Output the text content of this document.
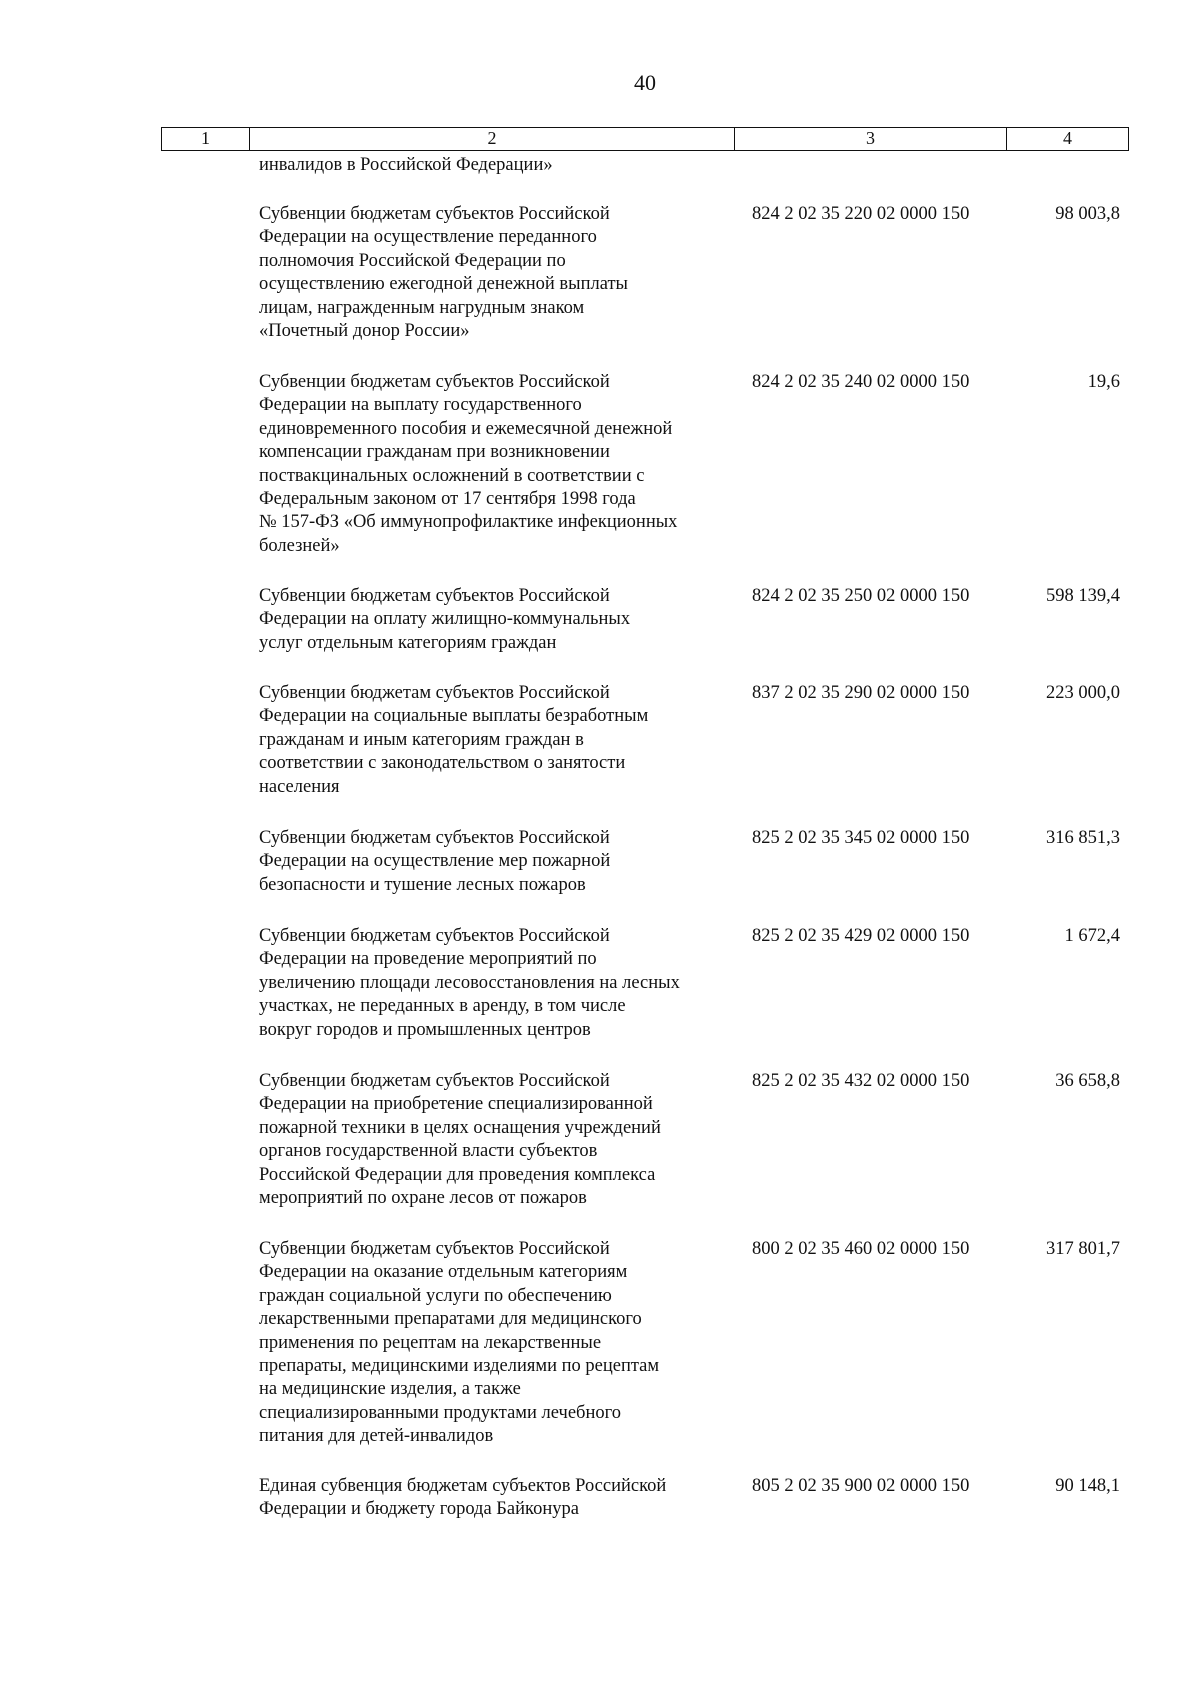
40
1	2	3	4
инвалидов в Российской Федерации»
Субвенции бюджетам субъектов Российской
Федерации на осуществление переданного
полномочия Российской Федерации по
осуществлению ежегодной денежной выплаты
лицам, награжденным нагрудным знаком
«Почетный донор России»
824 2 02 35 220 02 0000 150	98 003,8
Субвенции бюджетам субъектов Российской
Федерации на выплату государственного
единовременного пособия и ежемесячной денежной
компенсации гражданам при возникновении
поствакцинальных осложнений в соответствии с
Федеральным законом от 17 сентября 1998 года
№ 157-ФЗ «Об иммунопрофилактике инфекционных
болезней»
824 2 02 35 240 02 0000 150	19,6
Субвенции бюджетам субъектов Российской
Федерации на оплату жилищно-коммунальных
услуг отдельным категориям граждан
824 2 02 35 250 02 0000 150	598 139,4
Субвенции бюджетам субъектов Российской
Федерации на социальные выплаты безработным
гражданам и иным категориям граждан в
соответствии с законодательством о занятости
населения
837 2 02 35 290 02 0000 150	223 000,0
Субвенции бюджетам субъектов Российской
Федерации на осуществление мер пожарной
безопасности и тушение лесных пожаров
825 2 02 35 345 02 0000 150	316 851,3
Субвенции бюджетам субъектов Российской
Федерации на проведение мероприятий по
увеличению площади лесовосстановления на лесных
участках, не переданных в аренду, в том числе
вокруг городов и промышленных центров
825 2 02 35 429 02 0000 150	1 672,4
Субвенции бюджетам субъектов Российской
Федерации на приобретение специализированной
пожарной техники в целях оснащения учреждений
органов государственной власти субъектов
Российской Федерации для проведения комплекса
мероприятий по охране лесов от пожаров
825 2 02 35 432 02 0000 150	36 658,8
Субвенции бюджетам субъектов Российской
Федерации на оказание отдельным категориям
граждан социальной услуги по обеспечению
лекарственными препаратами для медицинского
применения по рецептам на лекарственные
препараты, медицинскими изделиями по рецептам
на медицинские изделия, а также
специализированными продуктами лечебного
питания для детей-инвалидов
800 2 02 35 460 02 0000 150	317 801,7
Единая субвенция бюджетам субъектов Российской
Федерации и бюджету города Байконура
805 2 02 35 900 02 0000 150	90 148,1
